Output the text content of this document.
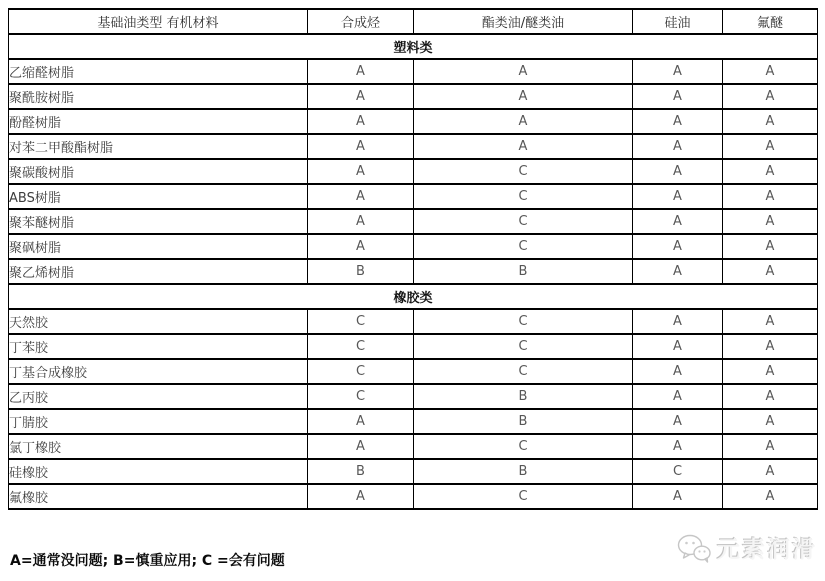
基础油类型 有机材料	合成烃	酯类油/醚类油	硅油	氟醚
塑料类				
乙缩醛树脂	A	A	A	A
聚酰胺树脂	A	A	A	A
酚醛树脂	A	A	A	A
对苯二甲酸酯树脂	A	A	A	A
聚碳酸树脂	A	C	A	A
ABS树脂	A	C	A	A
聚苯醚树脂	A	C	A	A
聚砜树脂	A	C	A	A
聚乙烯树脂	B	B	A	A
橡胶类				
天然胶	C	C	A	A
丁苯胶	C	C	A	A
丁基合成橡胶	C	C	A	A
乙丙胶	C	B	A	A
丁腈胶	A	B	A	A
氯丁橡胶	A	C	A	A
硅橡胶	B	B	C	A
氟橡胶	A	C	A	A
A=通常没问题; B=慎重应用; C =会有问题	元素润滑
